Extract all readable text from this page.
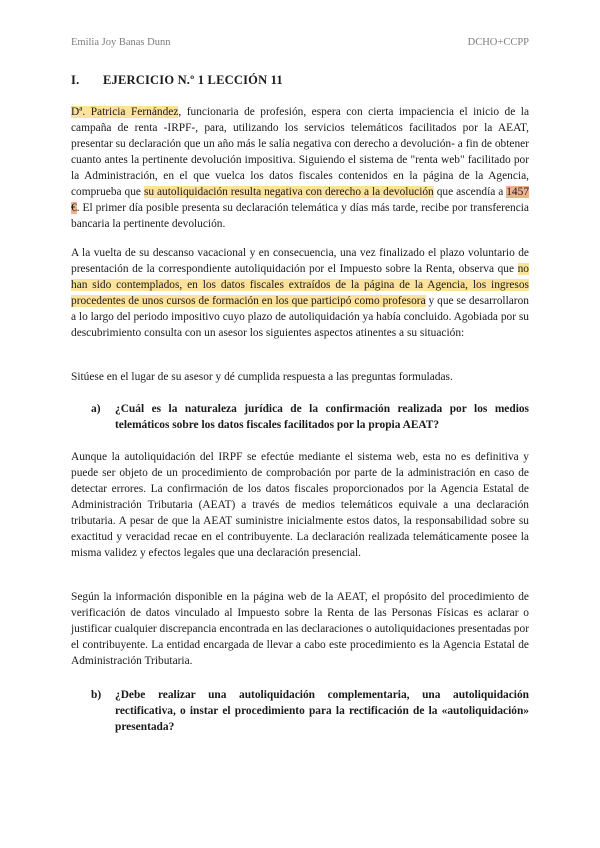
Emilia Joy Banas Dunn	DCHO+CCPP
I. EJERCICIO N.º 1 LECCIÓN 11

Dª. Patricia Fernández, funcionaria de profesión, espera con cierta impaciencia el inicio de la campaña de renta -IRPF-, para, utilizando los servicios telemáticos facilitados por la AEAT, presentar su declaración que un año más le salía negativa con derecho a devolución- a fin de obtener cuanto antes la pertinente devolución impositiva. Siguiendo el sistema de "renta web" facilitado por la Administración, en el que vuelca los datos fiscales contenidos en la página de la Agencia, comprueba que su autoliquidación resulta negativa con derecho a la devolución que ascendía a 1457 €. El primer día posible presenta su declaración telemática y días más tarde, recibe por transferencia bancaria la pertinente devolución.

A la vuelta de su descanso vacacional y en consecuencia, una vez finalizado el plazo voluntario de presentación de la correspondiente autoliquidación por el Impuesto sobre la Renta, observa que no han sido contemplados, en los datos fiscales extraídos de la página de la Agencia, los ingresos procedentes de unos cursos de formación en los que participó como profesora y que se desarrollaron a lo largo del periodo impositivo cuyo plazo de autoliquidación ya había concluido. Agobiada por su descubrimiento consulta con un asesor los siguientes aspectos atinentes a su situación:

Sitúese en el lugar de su asesor y dé cumplida respuesta a las preguntas formuladas.

a) ¿Cuál es la naturaleza jurídica de la confirmación realizada por los medios telemáticos sobre los datos fiscales facilitados por la propia AEAT?

Aunque la autoliquidación del IRPF se efectúe mediante el sistema web, esta no es definitiva y puede ser objeto de un procedimiento de comprobación por parte de la administración en caso de detectar errores. La confirmación de los datos fiscales proporcionados por la Agencia Estatal de Administración Tributaria (AEAT) a través de medios telemáticos equivale a una declaración tributaria. A pesar de que la AEAT suministre inicialmente estos datos, la responsabilidad sobre su exactitud y veracidad recae en el contribuyente. La declaración realizada telemáticamente posee la misma validez y efectos legales que una declaración presencial.

Según la información disponible en la página web de la AEAT, el propósito del procedimiento de verificación de datos vinculado al Impuesto sobre la Renta de las Personas Físicas es aclarar o justificar cualquier discrepancia encontrada en las declaraciones o autoliquidaciones presentadas por el contribuyente. La entidad encargada de llevar a cabo este procedimiento es la Agencia Estatal de Administración Tributaria.

b) ¿Debe realizar una autoliquidación complementaria, una autoliquidación rectificativa, o instar el procedimiento para la rectificación de la «autoliquidación» presentada?
